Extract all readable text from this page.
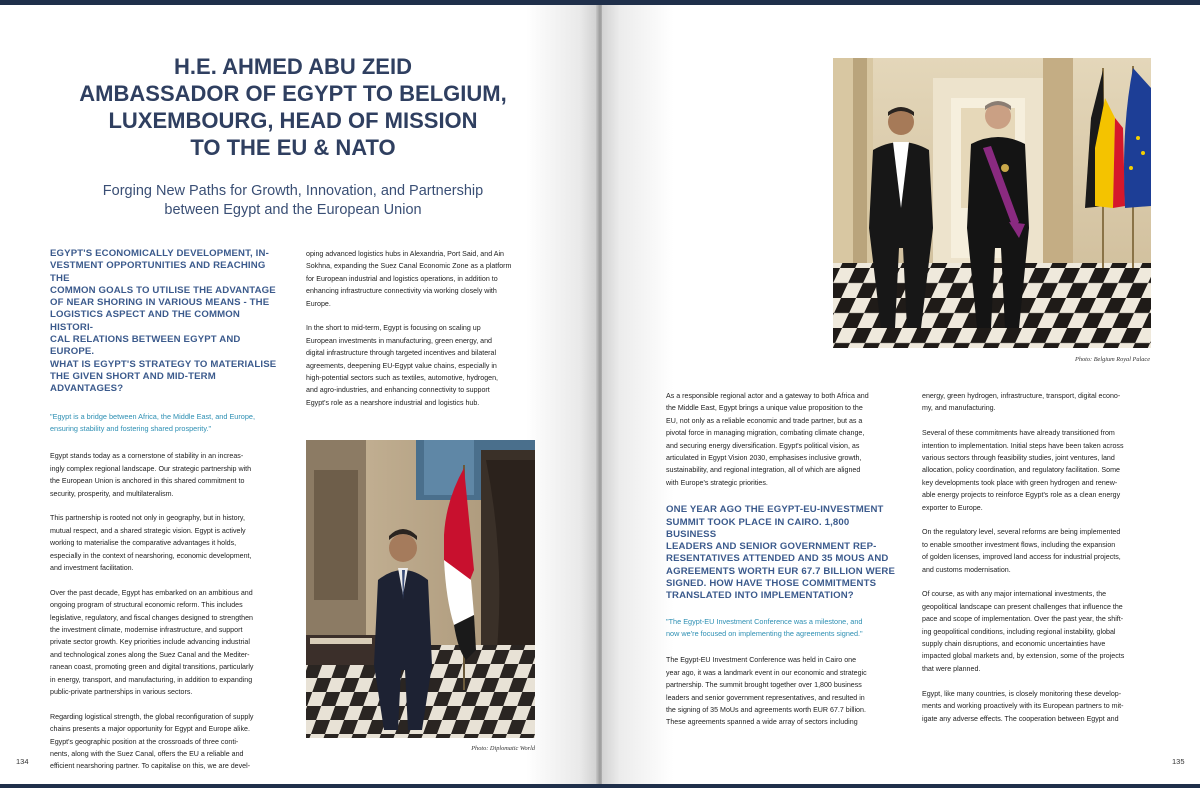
H.E. AHMED ABU ZEID
AMBASSADOR OF EGYPT TO BELGIUM,
LUXEMBOURG, HEAD OF MISSION
TO THE EU & NATO
Forging New Paths for Growth, Innovation, and Partnership
between Egypt and the European Union
EGYPT'S ECONOMICALLY DEVELOPMENT, IN-
VESTMENT OPPORTUNITIES AND REACHING THE
COMMON GOALS TO UTILISE THE ADVANTAGE
OF NEAR SHORING IN VARIOUS MEANS - THE
LOGISTICS ASPECT AND THE COMMON HISTORI-
CAL RELATIONS BETWEEN EGYPT AND EUROPE.
WHAT IS EGYPT'S STRATEGY TO MATERIALISE
THE GIVEN SHORT AND MID-TERM ADVANTAGES?
"Egypt is a bridge between Africa, the Middle East, and Europe,
ensuring stability and fostering shared prosperity."
Egypt stands today as a cornerstone of stability in an increas-
ingly complex regional landscape. Our strategic partnership with
the European Union is anchored in this shared commitment to
security, prosperity, and multilateralism.
This partnership is rooted not only in geography, but in history,
mutual respect, and a shared strategic vision. Egypt is actively
working to materialise the comparative advantages it holds,
especially in the context of nearshoring, economic development,
and investment facilitation.
Over the past decade, Egypt has embarked on an ambitious and
ongoing program of structural economic reform. This includes
legislative, regulatory, and fiscal changes designed to strengthen
the investment climate, modernise infrastructure, and support
private sector growth. Key priorities include advancing industrial
and technological zones along the Suez Canal and the Mediter-
ranean coast, promoting green and digital transitions, particularly
in energy, transport, and manufacturing, in addition to expanding
public-private partnerships in various sectors.
Regarding logistical strength, the global reconfiguration of supply
chains presents a major opportunity for Egypt and Europe alike.
Egypt's geographic position at the crossroads of three conti-
nents, along with the Suez Canal, offers the EU a reliable and
efficient nearshoring partner. To capitalise on this, we are devel-
oping advanced logistics hubs in Alexandria, Port Said, and Ain
Sokhna, expanding the Suez Canal Economic Zone as a platform
for European industrial and logistics operations, in addition to
enhancing infrastructure connectivity via working closely with
Europe.
In the short to mid-term, Egypt is focusing on scaling up
European investments in manufacturing, green energy, and
digital infrastructure through targeted incentives and bilateral
agreements, deepening EU-Egypt value chains, especially in
high-potential sectors such as textiles, automotive, hydrogen,
and agro-industries, and enhancing connectivity to support
Egypt's role as a nearshore industrial and logistics hub.
Photo: Diplomatic World
134
Photo: Belgium Royal Palace
As a responsible regional actor and a gateway to both Africa and
the Middle East, Egypt brings a unique value proposition to the
EU, not only as a reliable economic and trade partner, but as a
pivotal force in managing migration, combating climate change,
and securing energy diversification. Egypt's political vision, as
articulated in Egypt Vision 2030, emphasises inclusive growth,
sustainability, and regional integration, all of which are aligned
with Europe's strategic priorities.
ONE YEAR AGO THE EGYPT-EU-INVESTMENT
SUMMIT TOOK PLACE IN CAIRO. 1,800 BUSINESS
LEADERS AND SENIOR GOVERNMENT REP-
RESENTATIVES ATTENDED AND 35 MOUS AND
AGREEMENTS WORTH EUR 67.7 BILLION WERE
SIGNED. HOW HAVE THOSE COMMITMENTS
TRANSLATED INTO IMPLEMENTATION?
"The Egypt-EU Investment Conference was a milestone, and
now we're focused on implementing the agreements signed."
The Egypt-EU Investment Conference was held in Cairo one
year ago, it was a landmark event in our economic and strategic
partnership. The summit brought together over 1,800 business
leaders and senior government representatives, and resulted in
the signing of 35 MoUs and agreements worth EUR 67.7 billion.
These agreements spanned a wide array of sectors including
energy, green hydrogen, infrastructure, transport, digital econo-
my, and manufacturing.
Several of these commitments have already transitioned from
intention to implementation. Initial steps have been taken across
various sectors through feasibility studies, joint ventures, land
allocation, policy coordination, and regulatory facilitation. Some
key developments took place with green hydrogen and renew-
able energy projects to reinforce Egypt's role as a clean energy
exporter to Europe.
On the regulatory level, several reforms are being implemented
to enable smoother investment flows, including the expansion
of golden licenses, improved land access for industrial projects,
and customs modernisation.
Of course, as with any major international investments, the
geopolitical landscape can present challenges that influence the
pace and scope of implementation. Over the past year, the shift-
ing geopolitical conditions, including regional instability, global
supply chain disruptions, and economic uncertainties have
impacted global markets and, by extension, some of the projects
that were planned.
Egypt, like many countries, is closely monitoring these develop-
ments and working proactively with its European partners to mit-
igate any adverse effects. The cooperation between Egypt and
135
